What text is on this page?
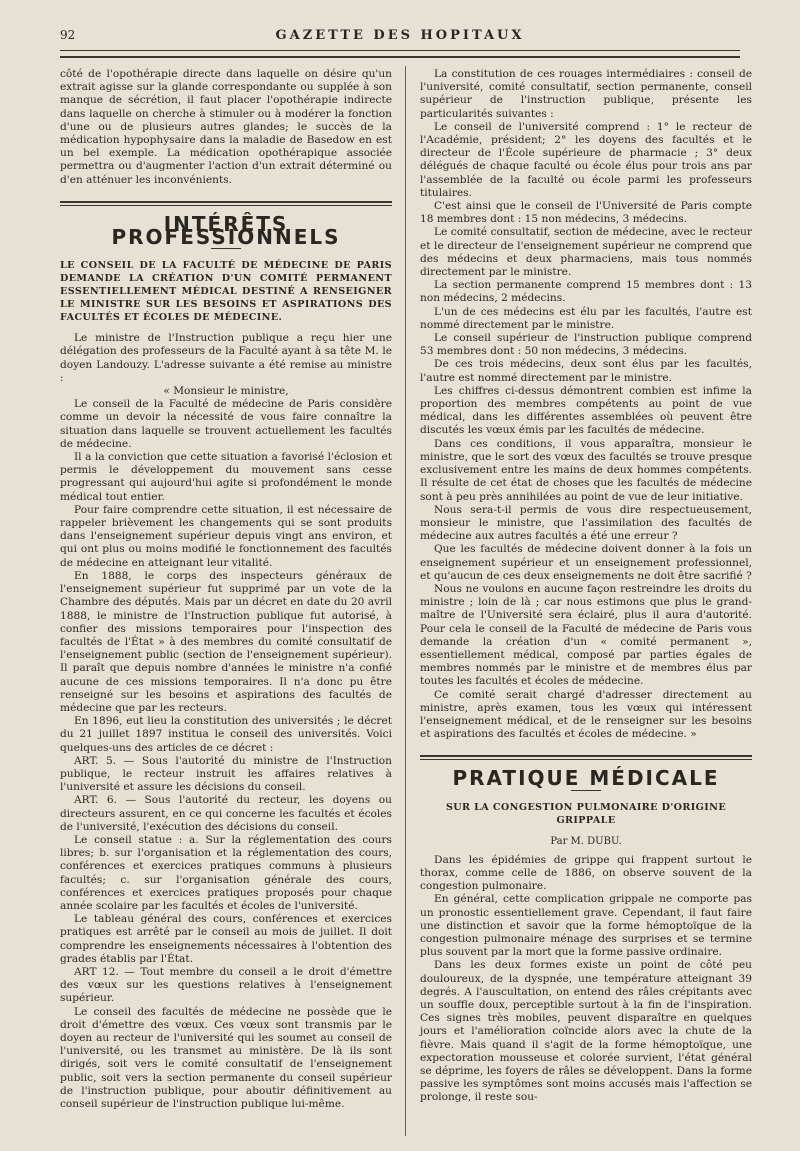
92	GAZETTE DES HOPITAUX

côté de l'opothérapie directe dans laquelle on désire qu'un extrait agisse sur la glande correspondante ou supplée à son manque de sécrétion, il faut placer l'opothérapie indirecte dans laquelle on cherche à stimuler ou à modérer la fonction d'une ou de plusieurs autres glandes; le succès de la médication hypophysaire dans la maladie de Basedow en est un bel exemple. La médication opothérapique associée permettra ou d'augmenter l'action d'un extrait déterminé ou d'en atténuer les inconvénients.

INTÉRÊTS PROFESSIONNELS
LE CONSEIL DE LA FACULTÉ DE MÉDECINE DE PARIS DEMANDE LA CRÉATION D'UN COMITÉ PERMANENT ESSENTIELLEMENT MÉDICAL DESTINÉ A RENSEIGNER LE MINISTRE SUR LES BESOINS ET ASPIRATIONS DES FACULTÉS ET ÉCOLES DE MÉDECINE.

Le ministre de l'Instruction publique a reçu hier une délégation des professeurs de la Faculté ayant à sa tête M. le doyen Landouzy. L'adresse suivante a été remise au ministre :

« Monsieur le ministre,

Le conseil de la Faculté de médecine de Paris considère comme un devoir la nécessité de vous faire connaître la situation dans laquelle se trouvent actuellement les facultés de médecine.

Il a la conviction que cette situation a favorisé l'éclosion et permis le développement du mouvement sans cesse progressant qui aujourd'hui agite si profondément le monde médical tout entier.

Pour faire comprendre cette situation, il est nécessaire de rappeler brièvement les changements qui se sont produits dans l'enseignement supérieur depuis vingt ans environ, et qui ont plus ou moins modifié le fonctionnement des facultés de médecine en atteignant leur vitalité.

En 1888, le corps des inspecteurs généraux de l'enseignement supérieur fut supprimé par un vote de la Chambre des députés. Mais par un décret en date du 20 avril 1888, le ministre de l'Instruction publique fut autorisé, à confier des missions temporaires pour l'inspection des facultés de l'État » à des membres du comité consultatif de l'enseignement public (section de l'enseignement supérieur). Il paraît que depuis nombre d'années le ministre n'a confié aucune de ces missions temporaires. Il n'a donc pu être renseigné sur les besoins et aspirations des facultés de médecine que par les recteurs.

En 1896, eut lieu la constitution des universités ; le décret du 21 juillet 1897 institua le conseil des universités. Voici quelques-uns des articles de ce décret :

ART. 5. — Sous l'autorité du ministre de l'Instruction publique, le recteur instruit les affaires relatives à l'université et assure les décisions du conseil.

ART. 6. — Sous l'autorité du recteur, les doyens ou directeurs assurent, en ce qui concerne les facultés et écoles de l'université, l'exécution des décisions du conseil.

Le conseil statue : a. Sur la réglementation des cours libres; b. sur l'organisation et la réglementation des cours, conférences et exercices pratiques communs à plusieurs facultés; c. sur l'organisation générale des cours, conférences et exercices pratiques proposés pour chaque année scolaire par les facultés et écoles de l'université.

Le tableau général des cours, conférences et exercices pratiques est arrêté par le conseil au mois de juillet. Il doit comprendre les enseignements nécessaires à l'obtention des grades établis par l'État.

ART 12. — Tout membre du conseil a le droit d'émettre des vœux sur les questions relatives à l'enseignement supérieur.

Le conseil des facultés de médecine ne possède que le droit d'émettre des vœux. Ces vœux sont transmis par le doyen au recteur de l'université qui les soumet au conseil de l'université, ou les transmet au ministère. De là ils sont dirigés, soit vers le comité consultatif de l'enseignement public, soit vers la section permanente du conseil supérieur de l'instruction publique, pour aboutir définitivement au conseil supérieur de l'instruction publique lui-même.

La constitution de ces rouages intermédiaires : conseil de l'université, comité consultatif, section permanente, conseil supérieur de l'instruction publique, présente les particularités suivantes :

Le conseil de l'université comprend : 1° le recteur de l'Académie, président; 2° les doyens des facultés et le directeur de l'École supérieure de pharmacie ; 3° deux délégués de chaque faculté ou école élus pour trois ans par l'assemblée de la faculté ou école parmi les professeurs titulaires.

C'est ainsi que le conseil de l'Université de Paris compte 18 membres dont : 15 non médecins, 3 médecins.

Le comité consultatif, section de médecine, avec le recteur et le directeur de l'enseignement supérieur ne comprend que des médecins et deux pharmaciens, mais tous nommés directement par le ministre.

La section permanente comprend 15 membres dont : 13 non médecins, 2 médecins.

L'un de ces médecins est élu par les facultés, l'autre est nommé directement par le ministre.

Le conseil supérieur de l'instruction publique comprend 53 membres dont : 50 non médecins, 3 médecins.

De ces trois médecins, deux sont élus par les facultés, l'autre est nommé directement par le ministre.

Les chiffres ci-dessus démontrent combien est infime la proportion des membres compétents au point de vue médical, dans les différentes assemblées où peuvent être discutés les vœux émis par les facultés de médecine.

Dans ces conditions, il vous apparaîtra, monsieur le ministre, que le sort des vœux des facultés se trouve presque exclusivement entre les mains de deux hommes compétents. Il résulte de cet état de choses que les facultés de médecine sont à peu près annihilées au point de vue de leur initiative.

Nous sera-t-il permis de vous dire respectueusement, monsieur le ministre, que l'assimilation des facultés de médecine aux autres facultés a été une erreur ?

Que les facultés de médecine doivent donner à la fois un enseignement supérieur et un enseignement professionnel, et qu'aucun de ces deux enseignements ne doit être sacrifié ?

Nous ne voulons en aucune façon restreindre les droits du ministre ; loin de là ; car nous estimons que plus le grand-maître de l'Université sera éclairé, plus il aura d'autorité. Pour cela le conseil de la Faculté de médecine de Paris vous demande la création d'un « comité permanent », essentiellement médical, composé par parties égales de membres nommés par le ministre et de membres élus par toutes les facultés et écoles de médecine.

Ce comité serait chargé d'adresser directement au ministre, après examen, tous les vœux qui intéressent l'enseignement médical, et de le renseigner sur les besoins et aspirations des facultés et écoles de médecine. »

PRATIQUE MÉDICALE
SUR LA CONGESTION PULMONAIRE D'ORIGINE GRIPPALE
Par M. DUBU.

Dans les épidémies de grippe qui frappent surtout le thorax, comme celle de 1886, on observe souvent de la congestion pulmonaire.

En général, cette complication grippale ne comporte pas un pronostic essentiellement grave. Cependant, il faut faire une distinction et savoir que la forme hémoptoïque de la congestion pulmonaire ménage des surprises et se termine plus souvent par la mort que la forme passive ordinaire.

Dans les deux formes existe un point de côté peu douloureux, de la dyspnée, une température atteignant 39 degrés. A l'auscultation, on entend des râles crépitants avec un souffle doux, perceptible surtout à la fin de l'inspiration. Ces signes très mobiles, peuvent disparaître en quelques jours et l'amélioration coïncide alors avec la chute de la fièvre. Mais quand il s'agit de la forme hémoptoïque, une expectoration mousseuse et colorée survient, l'état général se déprime, les foyers de râles se développent. Dans la forme passive les symptômes sont moins accusés mais l'affection se prolonge, il reste sou-
